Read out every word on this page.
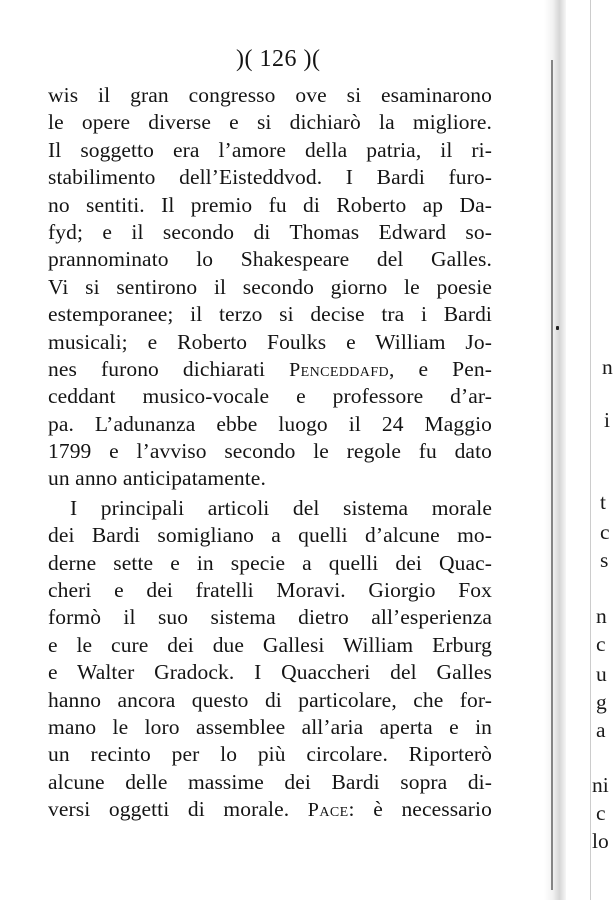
)( 126 )(
wis il gran congresso ove si esaminarono
le opere diverse e si dichiarò la migliore.
Il soggetto era l’amore della patria, il ri-
stabilimento dell’Eisteddvod. I Bardi furo-
no sentiti. Il premio fu di Roberto ap Da-
fyd; e il secondo di Thomas Edward so-
prannominato lo Shakespeare del Galles.
Vi si sentirono il secondo giorno le poesie
estemporanee; il terzo si decise tra i Bardi
musicali; e Roberto Foulks e William Jo-
nes furono dichiarati Penceddafd, e Pen-
ceddant musico-vocale e professore d’ar-
pa. L’adunanza ebbe luogo il 24 Maggio
1799 e l’avviso secondo le regole fu dato
un anno anticipatamente.
I principali articoli del sistema morale
dei Bardi somigliano a quelli d’alcune mo-
derne sette e in specie a quelli dei Quac-
cheri e dei fratelli Moravi. Giorgio Fox
formò il suo sistema dietro all’esperienza
e le cure dei due Gallesi William Erburg
e Walter Gradock. I Quaccheri del Galles
hanno ancora questo di particolare, che for-
mano le loro assemblee all’aria aperta e in
un recinto per lo più circolare. Riporterò
alcune delle massime dei Bardi sopra di-
versi oggetti di morale. Pace: è necessario
n
i
t
c
s
n
c
u
g
a
ni
c
lo
